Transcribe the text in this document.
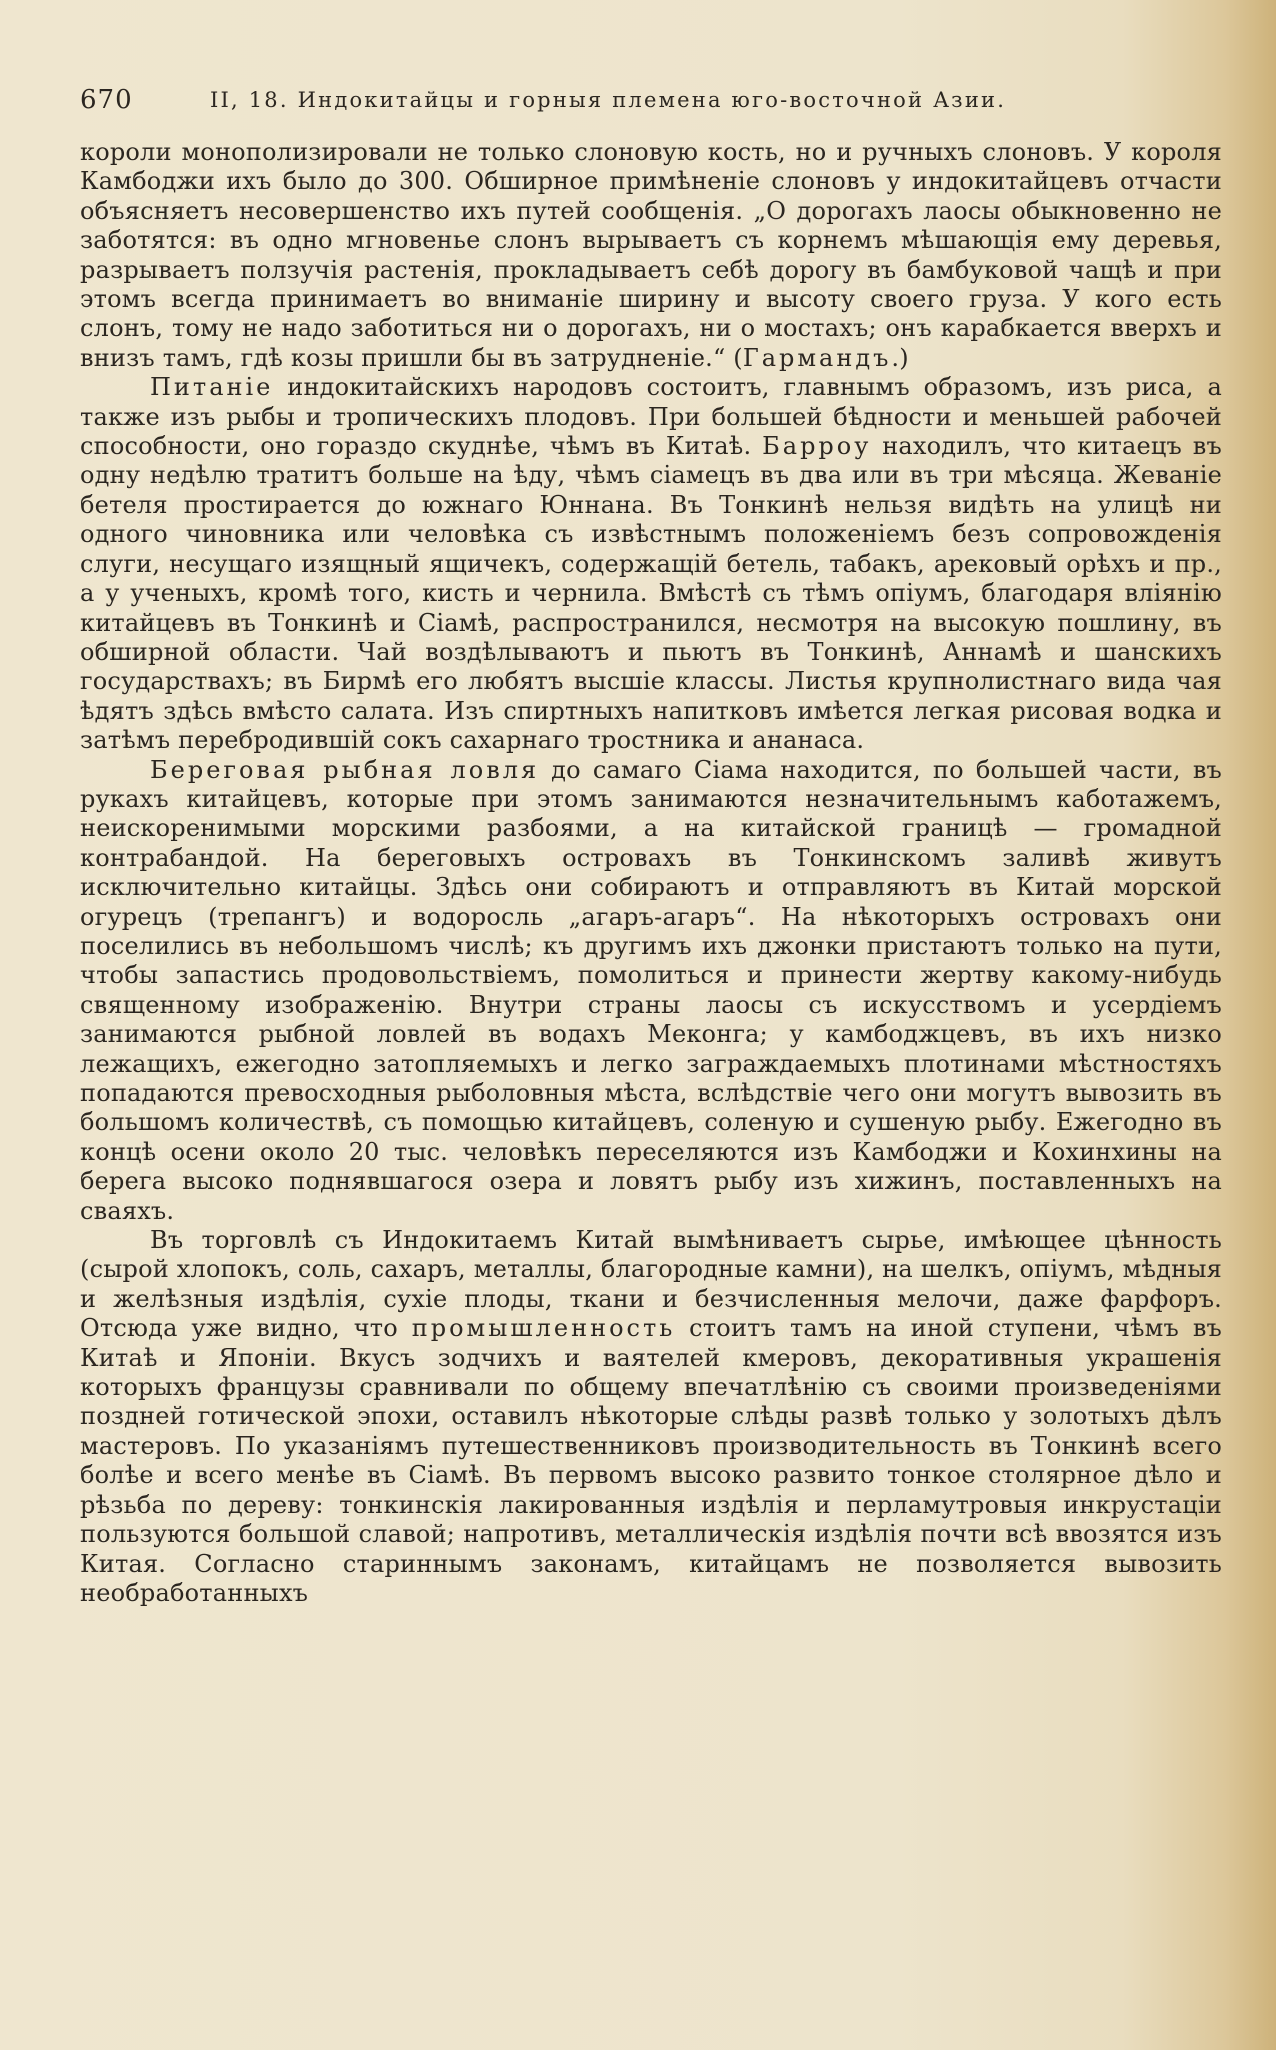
670	II, 18. Индокитайцы и горныя племена юго-восточной Азии.

короли монополизировали не только слоновую кость, но и ручныхъ слоновъ. У короля Камбоджи ихъ было до 300. Обширное примѣненіе слоновъ у индокитайцевъ отчасти объясняетъ несовершенство ихъ путей сообщенія. „О дорогахъ лаосы обыкновенно не заботятся: въ одно мгновенье слонъ вырываетъ съ корнемъ мѣшающія ему деревья, разрываетъ ползучія растенія, прокладываетъ себѣ дорогу въ бамбуковой чащѣ и при этомъ всегда принимаетъ во вниманіе ширину и высоту своего груза. У кого есть слонъ, тому не надо заботиться ни о дорогахъ, ни о мостахъ; онъ карабкается вверхъ и внизъ тамъ, гдѣ козы пришли бы въ затрудненіе.“ (Гармандъ.)

Питаніе индокитайскихъ народовъ состоитъ, главнымъ образомъ, изъ риса, а также изъ рыбы и тропическихъ плодовъ. При большей бѣдности и меньшей рабочей способности, оно гораздо скуднѣе, чѣмъ въ Китаѣ. Барроу находилъ, что китаецъ въ одну недѣлю тратитъ больше на ѣду, чѣмъ сіамецъ въ два или въ три мѣсяца. Жеваніе бетеля простирается до южнаго Юннана. Въ Тонкинѣ нельзя видѣть на улицѣ ни одного чиновника или человѣка съ извѣстнымъ положеніемъ безъ сопровожденія слуги, несущаго изящный ящичекъ, содержащій бетель, табакъ, арековый орѣхъ и пр., а у ученыхъ, кромѣ того, кисть и чернила. Вмѣстѣ съ тѣмъ опіумъ, благодаря вліянію китайцевъ въ Тонкинѣ и Сіамѣ, распространился, несмотря на высокую пошлину, въ обширной области. Чай воздѣлываютъ и пьютъ въ Тонкинѣ, Аннамѣ и шанскихъ государствахъ; въ Бирмѣ его любятъ высшіе классы. Листья крупнолистнаго вида чая ѣдятъ здѣсь вмѣсто салата. Изъ спиртныхъ напитковъ имѣется легкая рисовая водка и затѣмъ перебродившій сокъ сахарнаго тростника и ананаса.

Береговая рыбная ловля до самаго Сіама находится, по большей части, въ рукахъ китайцевъ, которые при этомъ занимаются незначительнымъ каботажемъ, неискоренимыми морскими разбоями, а на китайской границѣ — громадной контрабандой. На береговыхъ островахъ въ Тонкинскомъ заливѣ живутъ исключительно китайцы. Здѣсь они собираютъ и отправляютъ въ Китай морской огурецъ (трепангъ) и водоросль „агаръ-агаръ“. На нѣкоторыхъ островахъ они поселились въ небольшомъ числѣ; къ другимъ ихъ джонки пристаютъ только на пути, чтобы запастись продовольствіемъ, помолиться и принести жертву какому-нибудь священному изображенію. Внутри страны лаосы съ искусствомъ и усердіемъ занимаются рыбной ловлей въ водахъ Меконга; у камбоджцевъ, въ ихъ низко лежащихъ, ежегодно затопляемыхъ и легко заграждаемыхъ плотинами мѣстностяхъ попадаются превосходныя рыболовныя мѣста, вслѣдствіе чего они могутъ вывозить въ большомъ количествѣ, съ помощью китайцевъ, соленую и сушеную рыбу. Ежегодно въ концѣ осени около 20 тыс. человѣкъ переселяются изъ Камбоджи и Кохинхины на берега высоко поднявшагося озера и ловятъ рыбу изъ хижинъ, поставленныхъ на сваяхъ.

Въ торговлѣ съ Индокитаемъ Китай вымѣниваетъ сырье, имѣющее цѣнность (сырой хлопокъ, соль, сахаръ, металлы, благородные камни), на шелкъ, опіумъ, мѣдныя и желѣзныя издѣлія, сухіе плоды, ткани и безчисленныя мелочи, даже фарфоръ. Отсюда уже видно, что промышленность стоитъ тамъ на иной ступени, чѣмъ въ Китаѣ и Японіи. Вкусъ зодчихъ и ваятелей кмеровъ, декоративныя украшенія которыхъ французы сравнивали по общему впечатлѣнію съ своими произведеніями поздней готической эпохи, оставилъ нѣкоторые слѣды развѣ только у золотыхъ дѣлъ мастеровъ. По указаніямъ путешественниковъ производительность въ Тонкинѣ всего болѣе и всего менѣе въ Сіамѣ. Въ первомъ высоко развито тонкое столярное дѣло и рѣзьба по дереву: тонкинскія лакированныя издѣлія и перламутровыя инкрустаціи пользуются большой славой; напротивъ, металлическія издѣлія почти всѣ ввозятся изъ Китая. Согласно стариннымъ законамъ, китайцамъ не позволяется вывозить необработанныхъ
